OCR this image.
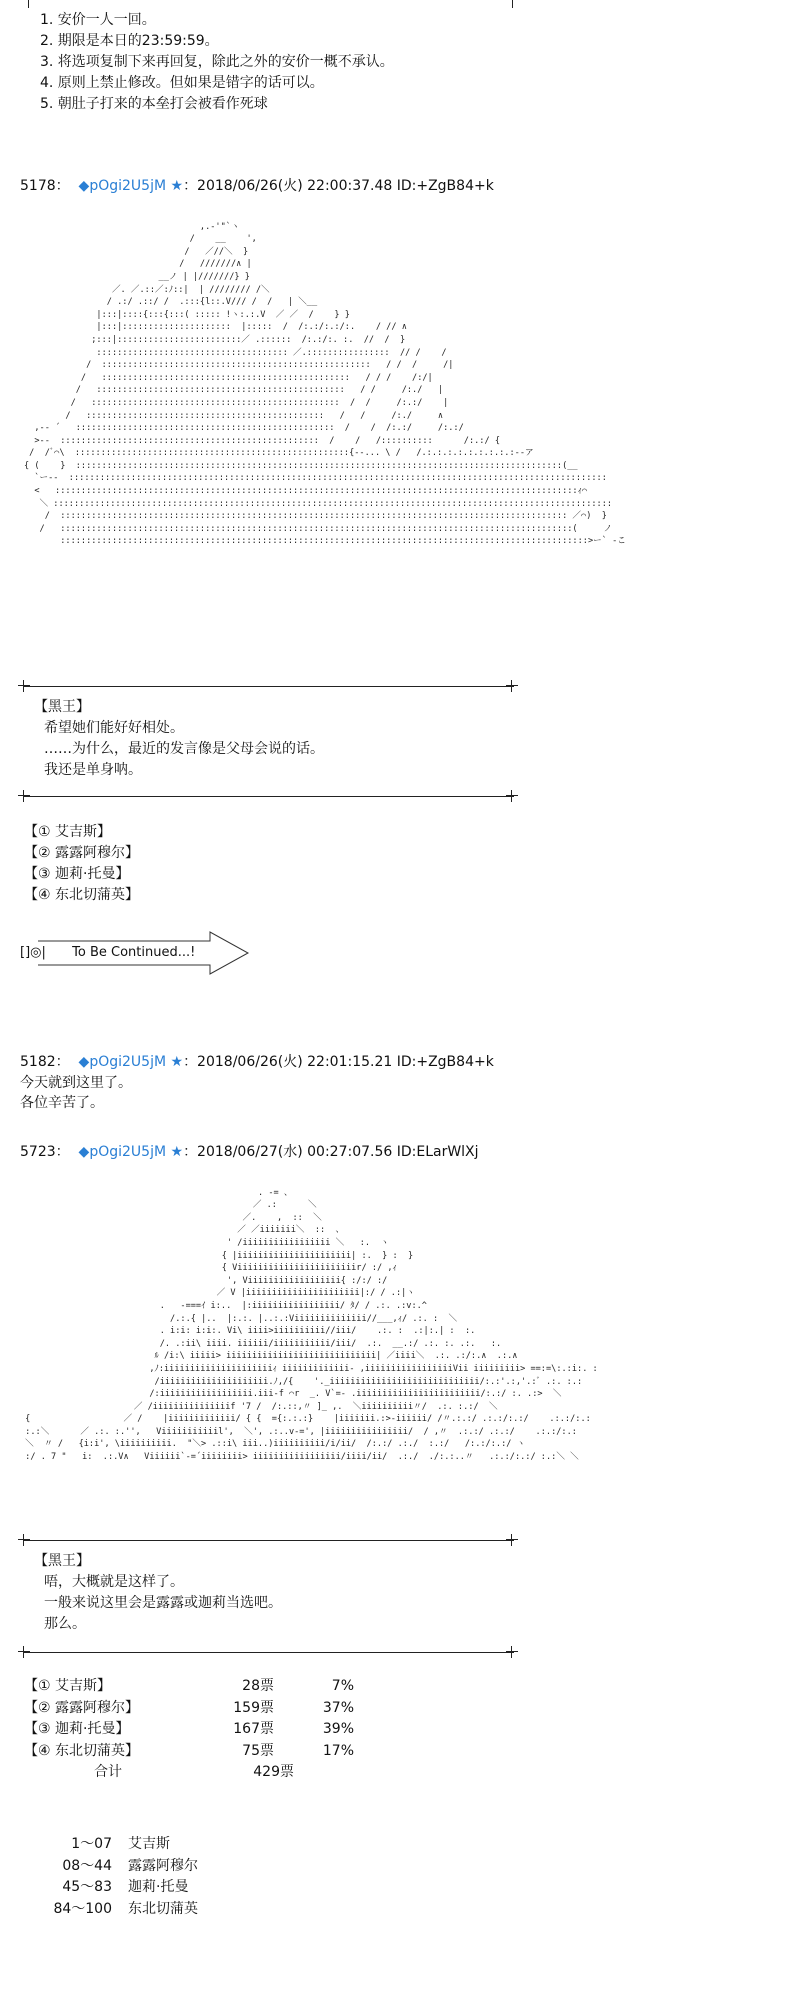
1. 安价一人一回。
2. 期限是本日的23:59:59。
3. 将选项复制下来再回复，除此之外的安价一概不承认。
4. 原则上禁止修改。但如果是错字的话可以。
5. 朝肚子打来的本垒打会被看作死球
5178： ◆pOgi2U5jM ★：2018/06/26(火) 22:00:37.48 ID:+ZgB84+k
,.-'"`ヽ
/    __    ',
/   ／//＼  }
/   ///////∧ |
__ノ | |///////} }
／. ／.::／:ﾉ::|  | //////// /＼
/ .:/ .::/ /  .:::{l::.V/// /  /   | ＼__
|:::|::::{:::{:::( ::::: !ヽ:.:.V  ／ ／  /    } }
|:::|:::::::::::::::::::::  |:::::  /  /:.:/:.:/:.    / // ∧
;:::|::::::::::::::::::::::::／ .::::::  /:.:/:. :.  //  /  }
::::::::::::::::::::::::::::::::::::: ／.::::::::::::::::  // /    /
/  ::::::::::::::::::::::::::::::::::::::::::::::::::::   / /  /     /|
/   ::::::::::::::::::::::::::::::::::::::::::::::::   / / /    /:/|
/   ::::::::::::::::::::::::::::::::::::::::::::::::   / /     /:./   |
/   ::::::::::::::::::::::::::::::::::::::::::::::::  /  /     /:.:/    |
/   ::::::::::::::::::::::::::::::::::::::::::::::   /   /     /:./     ∧
,-‐ ´   ::::::::::::::::::::::::::::::::::::::::::::::::::  /    /  /:.:/     /:.:/
>‐-  ::::::::::::::::::::::::::::::::::::::::::::::::::  /    /   /::::::::::      /:.:/ {
/  /ﾞ⌒\  :::::::::::::::::::::::::::::::::::::::::::::::::::::{‐-... \ /   /.:.:.:.:.:.:.:.:.:‐-ア
{ (    }  ::::::::::::::::::::::::::::::::::::::::::::::::::::::::::::::::::::::::::::::::::::::::::::::(__
`ー-‐  ::::::::::::::::::::::::::::::::::::::::::::::::::::::::::::::::::::::::::::::::::::::::::::::::::::::::
<   :::::::::::::::::::::::::::::::::::::::::::::::::::::::::::::::::::::::::::::::::::::::::::::::::::::ｨ⌒
＼ ::::::::::::::::::::::::::::::::::::::::::::::::::::::::::::::::::::::::::::::::::::::::::::::::::::::::::::
/  :::::::::::::::::::::::::::::::::::::::::::::::::::::::::::::::::::::::::::::::::::::::::::::::::: ／⌒)  }
/   :::::::::::::::::::::::::::::::::::::::::::::::::::::::::::::::::::::::::::::::::::::::::::::::::::(     ノ
::::::::::::::::::::::::::::::::::::::::::::::::::::::::::::::::::::::::::::::::::::::::::::::::::::::>ー` ‐こ
【黑王】
希望她们能好好相处。
……为什么，最近的发言像是父母会说的话。
我还是单身呐。
【① 艾吉斯】
【② 露露阿穆尔】
【③ 迦莉·托曼】
【④ 东北切蒲英】
[]◎| To Be Continued...!
5182： ◆pOgi2U5jM ★：2018/06/26(火) 22:01:15.21 ID:+ZgB84+k
今天就到这里了。
各位辛苦了。
5723： ◆pOgi2U5jM ★：2018/06/27(水) 00:27:07.56 ID:ELarWlXj
. -= 、
／ .:      ＼
／.    ,  ::  ＼
／ ／iiiiiii＼  ::  、
' /iiiiiiiiiiiiiiiii ＼   :.  ヽ
{ |iiiiiiiiiiiiiiiiiiiiii| :.  } :  }
{ Viiiiiiiiiiiiiiiiiiiiiiir/ :/ ,ｨ
', Viiiiiiiiiiiiiiiiii{ :/:/ :/
／ V |iiiiiiiiiiiiiiiiiiiiii|:/ / .:|ヽ
.   -===ｲ i:..  |:iiiiiiiiiiiiiiiii/ ﾀ/ / .:. .:v:.^
/.:.{ |..  |:.:. |..:.:Viiiiiiiiiiiiii//___,ｨ/ .:. :  ＼
. i:i: i:i:. Vi\ iiii>iiiiiiiiii//iii/    .:. :  .:|:.| :  :.
/. .:ii\ iiii. iiiiii/iiiiiiiiiii/iii/  .:.  __.:/ .:. :. .:.   :.
ﾙ /i:\ iiiii> iiiiiiiiiiiiiiiiiiiiiiiiiiiii| ／iiii＼  .:. .:/:.∧  .:.∧
,ﾉ:iiiiiiiiiiiiiiiiiiiiiｨ iiiiiiiiiiiii‐ ,iiiiiiiiiiiiiiiiiVii iiiiiiiii> ==:=\:.:i:. :
/iiiiiiiiiiiiiiiiiiiii.ﾉ,/{    '._iiiiiiiiiiiiiiiiiiiiiiiiiiiii/:.:'.:,'.:ﾞ .:. :.:
/:iiiiiiiiiiiiiiiiii.iii‐f ⌒r  _. V`=- .iiiiiiiiiiiiiiiiiiiiiiii/:.:/ :. .:>  ＼
／ /iiiiiiiiiiiiiiif '7 /  /:.::,〃 ]_ ,.  ＼iiiiiiiiii〃/  .:. :.:/  ＼
{                  ／ /    |iiiiiiiiiiiii/ { {  ={:.:.:}    |iiiiiii.:>‐iiiiii/ /〃.:.:/ .:.:/:.:/    .:.:/:.:
:.:＼      ／ .:. :.'',   Viiiiiiiiiiil',  ＼', .:..v‐=', |iiiiiiiiiiiiiiii/  / ,〃  .:.:/ .:.:/    .:.:/:.:
＼  〃 /   {i:i', \iiiiiiiiii.  "＼> .::i\ iii..)iiiiiiiiii/i/ii/  /:.:/ .:./  :.:/   /:.:/:.:/ ヽ
:/ . 7 "   i:  .:.V∧   Viiiiii`‐=´iiiiiiii> iiiiiiiiiiiiiiiii/iiii/ii/  .:./  ./:.:..〃   .:.:/:.:/ :.:＼ ＼
【黑王】
唔，大概就是这样了。
一般来说这里会是露露或迦莉当选吧。
那么。
【① 艾吉斯】	28票	7%
【② 露露阿穆尔】	159票	37%
【③ 迦莉·托曼】	167票	39%
【④ 东北切蒲英】	75票	17%
合计	429票
1～07	艾吉斯
08～44	露露阿穆尔
45～83	迦莉·托曼
84～100	东北切蒲英
